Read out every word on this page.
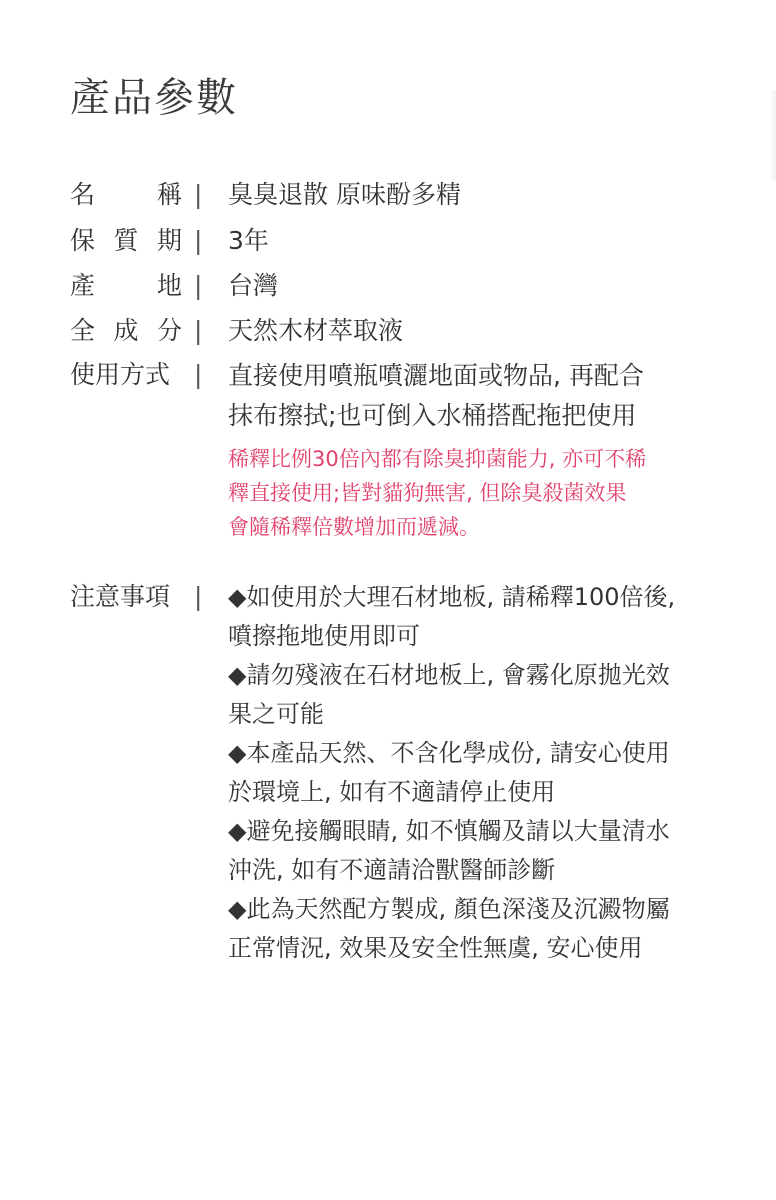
產品參數
名 稱 | 臭臭退散 原味酚多精
保 質 期 | 3年
產 地 | 台灣
全 成 分 | 天然木材萃取液
使用方式 | 直接使用噴瓶噴灑地面或物品, 再配合
抹布擦拭;也可倒入水桶搭配拖把使用
稀釋比例30倍內都有除臭抑菌能力, 亦可不稀
釋直接使用;皆對貓狗無害, 但除臭殺菌效果
會隨稀釋倍數增加而遞減。
注意事項 | ◆如使用於大理石材地板, 請稀釋100倍後,
噴擦拖地使用即可
◆請勿殘液在石材地板上, 會霧化原拋光效
果之可能
◆本產品天然、不含化學成份, 請安心使用
於環境上, 如有不適請停止使用
◆避免接觸眼睛, 如不慎觸及請以大量清水
沖洗, 如有不適請洽獸醫師診斷
◆此為天然配方製成, 顏色深淺及沉澱物屬
正常情況, 效果及安全性無虞, 安心使用
